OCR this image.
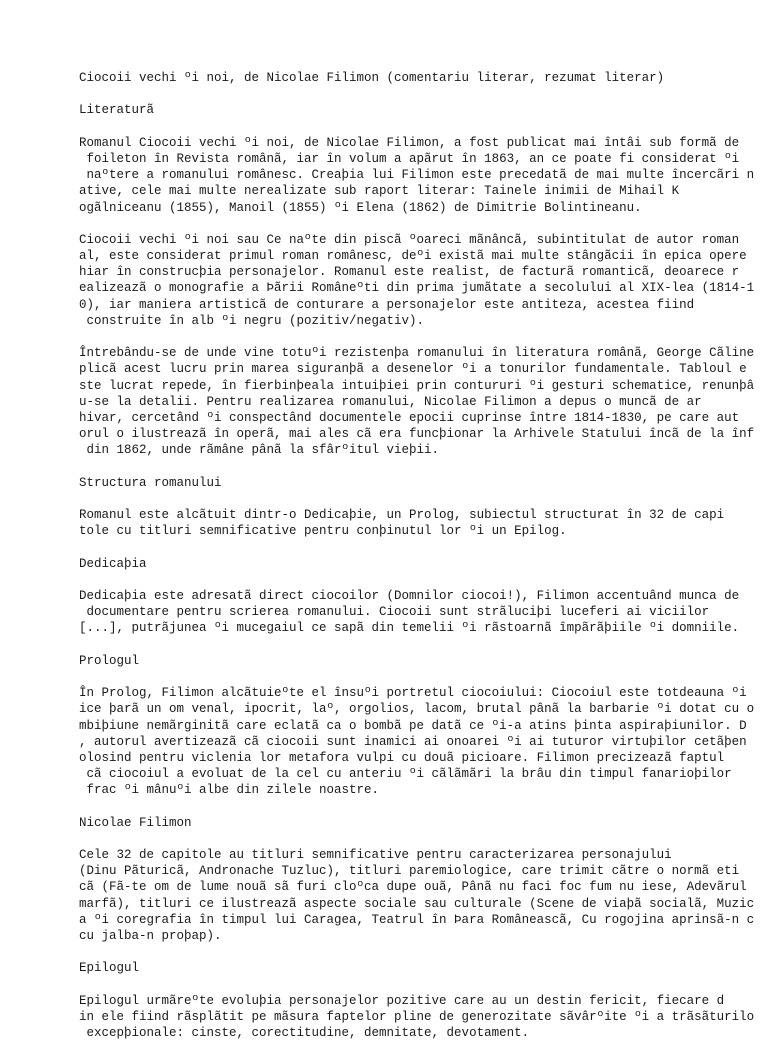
Ciocoii vechi ºi noi, de Nicolae Filimon (comentariu literar, rezumat literar)
Literaturã
Romanul Ciocoii vechi ºi noi, de Nicolae Filimon, a fost publicat mai întâi sub formã de
foileton în Revista românã, iar în volum a apãrut în 1863, an ce poate fi considerat ºi
naºtere a romanului românesc. Creaþia lui Filimon este precedatã de mai multe încercãri n
ative, cele mai multe nerealizate sub raport literar: Tainele inimii de Mihail K
ogãlniceanu (1855), Manoil (1855) ºi Elena (1862) de Dimitrie Bolintineanu.
Ciocoii vechi ºi noi sau Ce naºte din piscã ºoareci mãnâncã, subintitulat de autor roman
al, este considerat primul roman românesc, deºi existã mai multe stângãcii în epica opere
hiar în construcþia personajelor. Romanul este realist, de facturã romanticã, deoarece r
ealizeazã o monografie a Þãrii Româneºti din prima jumãtate a secolului al XIX-lea (1814-1
0), iar maniera artisticã de conturare a personajelor este antiteza, acestea fiind
construite în alb ºi negru (pozitiv/negativ).
Întrebându-se de unde vine totuºi rezistenþa romanului în literatura românã, George Cãline
plicã acest lucru prin marea siguranþã a desenelor ºi a tonurilor fundamentale. Tabloul e
ste lucrat repede, în fierbinþeala intuiþiei prin contururi ºi gesturi schematice, renunþâ
u-se la detalii. Pentru realizarea romanului, Nicolae Filimon a depus o muncã de ar
hivar, cercetând ºi conspectând documentele epocii cuprinse între 1814-1830, pe care aut
orul o ilustreazã în operã, mai ales cã era funcþionar la Arhivele Statului încã de la înf
din 1862, unde rãmâne pânã la sfârºitul vieþii.
Structura romanului
Romanul este alcãtuit dintr-o Dedicaþie, un Prolog, subiectul structurat în 32 de capi
tole cu titluri semnificative pentru conþinutul lor ºi un Epilog.
Dedicaþia
Dedicaþia este adresatã direct ciocoilor (Domnilor ciocoi!), Filimon accentuând munca de
documentare pentru scrierea romanului. Ciocoii sunt strãluciþi luceferi ai viciilor
[...], putrãjunea ºi mucegaiul ce sapã din temelii ºi rãstoarnã împãrãþiile ºi domniile.
Prologul
În Prolog, Filimon alcãtuieºte el însuºi portretul ciocoiului: Ciocoiul este totdeauna ºi
ice þarã un om venal, ipocrit, laº, orgolios, lacom, brutal pânã la barbarie ºi dotat cu o
mbiþiune nemãrginitã care eclatã ca o bombã pe datã ce ºi-a atins þinta aspiraþiunilor. D
, autorul avertizeazã cã ciocoii sunt inamici ai onoarei ºi ai tuturor virtuþilor cetãþen
olosind pentru viclenia lor metafora vulpi cu douã picioare. Filimon precizeazã faptul
cã ciocoiul a evoluat de la cel cu anteriu ºi cãlãmãri la brâu din timpul fanarioþilor
frac ºi mânuºi albe din zilele noastre.
Nicolae Filimon
Cele 32 de capitole au titluri semnificative pentru caracterizarea personajului
(Dinu Pãturicã, Andronache Tuzluc), titluri paremiologice, care trimit cãtre o normã eti
cã (Fã-te om de lume nouã sã furi cloºca dupe ouã, Pânã nu faci foc fum nu iese, Adevãrul
marfã), titluri ce ilustreazã aspecte sociale sau culturale (Scene de viaþã socialã, Muzic
a ºi coregrafia în timpul lui Caragea, Teatrul în Þara Româneascã, Cu rogojina aprinsã-n c
cu jalba-n proþap).
Epilogul
Epilogul urmãreºte evoluþia personajelor pozitive care au un destin fericit, fiecare d
in ele fiind rãsplãtit pe mãsura faptelor pline de generozitate sãvârºite ºi a trãsãturilo
excepþionale: cinste, corectitudine, demnitate, devotament.
